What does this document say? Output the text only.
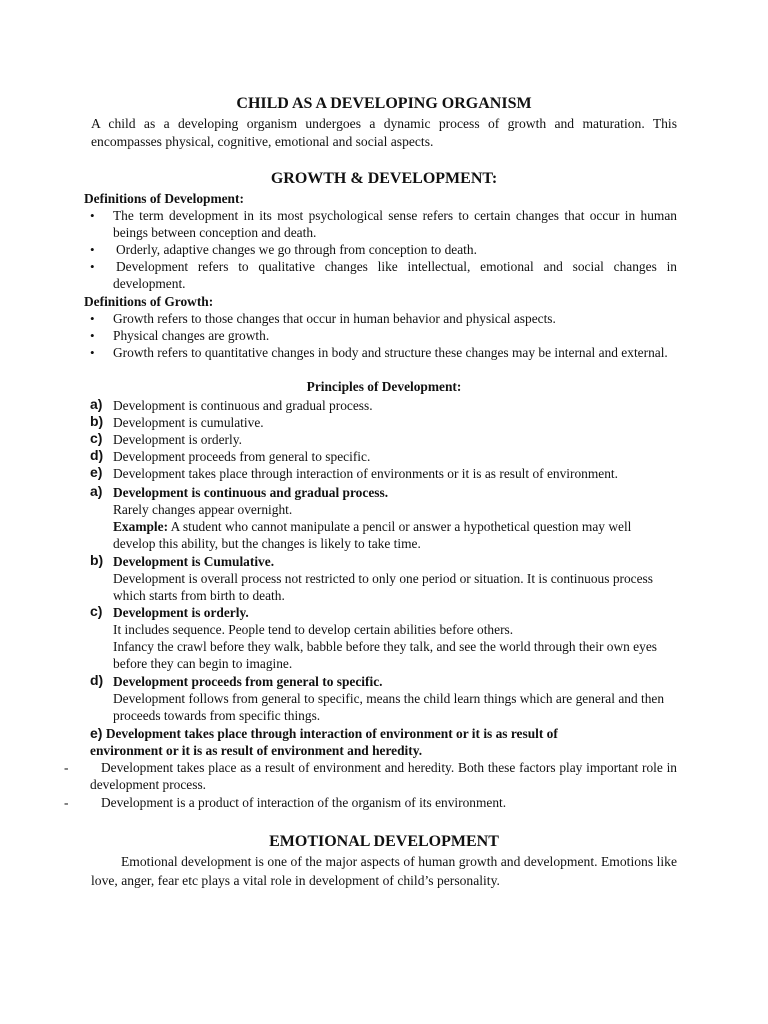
CHILD AS A DEVELOPING ORGANISM
A child as a developing organism undergoes a dynamic process of growth and maturation. This encompasses physical, cognitive, emotional and social aspects.
GROWTH & DEVELOPMENT:
Definitions of Development:
• The term development in its most psychological sense refers to certain changes that occur in human beings between conception and death.
• Orderly, adaptive changes we go through from conception to death.
• Development refers to qualitative changes like intellectual, emotional and social changes in development.
Definitions of Growth:
• Growth refers to those changes that occur in human behavior and physical aspects.
• Physical changes are growth.
• Growth refers to quantitative changes in body and structure these changes may be internal and external.
Principles of Development:
a) Development is continuous and gradual process.
b) Development is cumulative.
c) Development is orderly.
d) Development proceeds from general to specific.
e) Development takes place through interaction of environments or it is as result of environment.
a) Development is continuous and gradual process.
Rarely changes appear overnight.
Example: A student who cannot manipulate a pencil or answer a hypothetical question may well develop this ability, but the changes is likely to take time.
b) Development is Cumulative.
Development is overall process not restricted to only one period or situation. It is continuous process which starts from birth to death.
c) Development is orderly.
It includes sequence. People tend to develop certain abilities before others.
Infancy the crawl before they walk, babble before they talk, and see the world through their own eyes before they can begin to imagine.
d) Development proceeds from general to specific.
Development follows from general to specific, means the child learn things which are general and then proceeds towards from specific things.
e) Development takes place through interaction of environment or it is as result of
environment or it is as result of environment and heredity.
-	Development takes place as a result of environment and heredity. Both these factors play important role in development process.
-	Development is a product of interaction of the organism of its environment.
EMOTIONAL DEVELOPMENT
Emotional development is one of the major aspects of human growth and development. Emotions like love, anger, fear etc plays a vital role in development of child’s personality.
